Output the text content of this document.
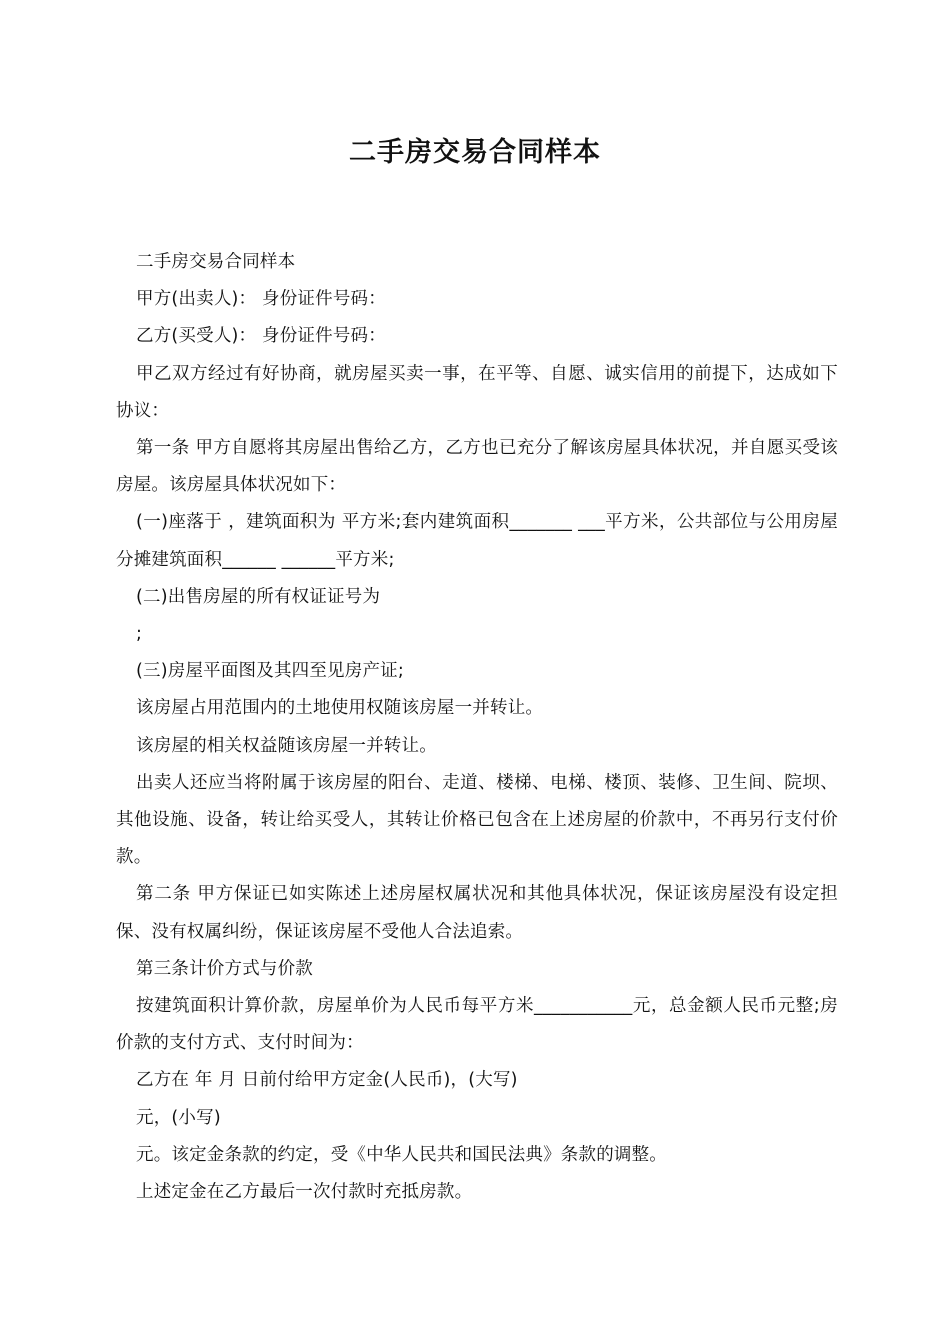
二手房交易合同样本

二手房交易合同样本

甲方(出卖人)： 身份证件号码：

乙方(买受人)： 身份证件号码：

甲乙双方经过有好协商，就房屋买卖一事，在平等、自愿、诚实信用的前提下，达成如下协议：

第一条 甲方自愿将其房屋出售给乙方，乙方也已充分了解该房屋具体状况，并自愿买受该房屋。该房屋具体状况如下：

(一)座落于 ，建筑面积为 平方米;套内建筑面积_______ ___平方米，公共部位与公用房屋分摊建筑面积______ ______平方米;

(二)出售房屋的所有权证证号为

;

(三)房屋平面图及其四至见房产证;

该房屋占用范围内的土地使用权随该房屋一并转让。

该房屋的相关权益随该房屋一并转让。

出卖人还应当将附属于该房屋的阳台、走道、楼梯、电梯、楼顶、装修、卫生间、院坝、其他设施、设备，转让给买受人，其转让价格已包含在上述房屋的价款中，不再另行支付价款。

第二条 甲方保证已如实陈述上述房屋权属状况和其他具体状况，保证该房屋没有设定担保、没有权属纠纷，保证该房屋不受他人合法追索。

第三条计价方式与价款

按建筑面积计算价款，房屋单价为人民币每平方米___________元，总金额人民币元整;房价款的支付方式、支付时间为：

乙方在 年 月 日前付给甲方定金(人民币)，(大写)

元，(小写)

元。该定金条款的约定，受《中华人民共和国民法典》条款的调整。

上述定金在乙方最后一次付款时充抵房款。
